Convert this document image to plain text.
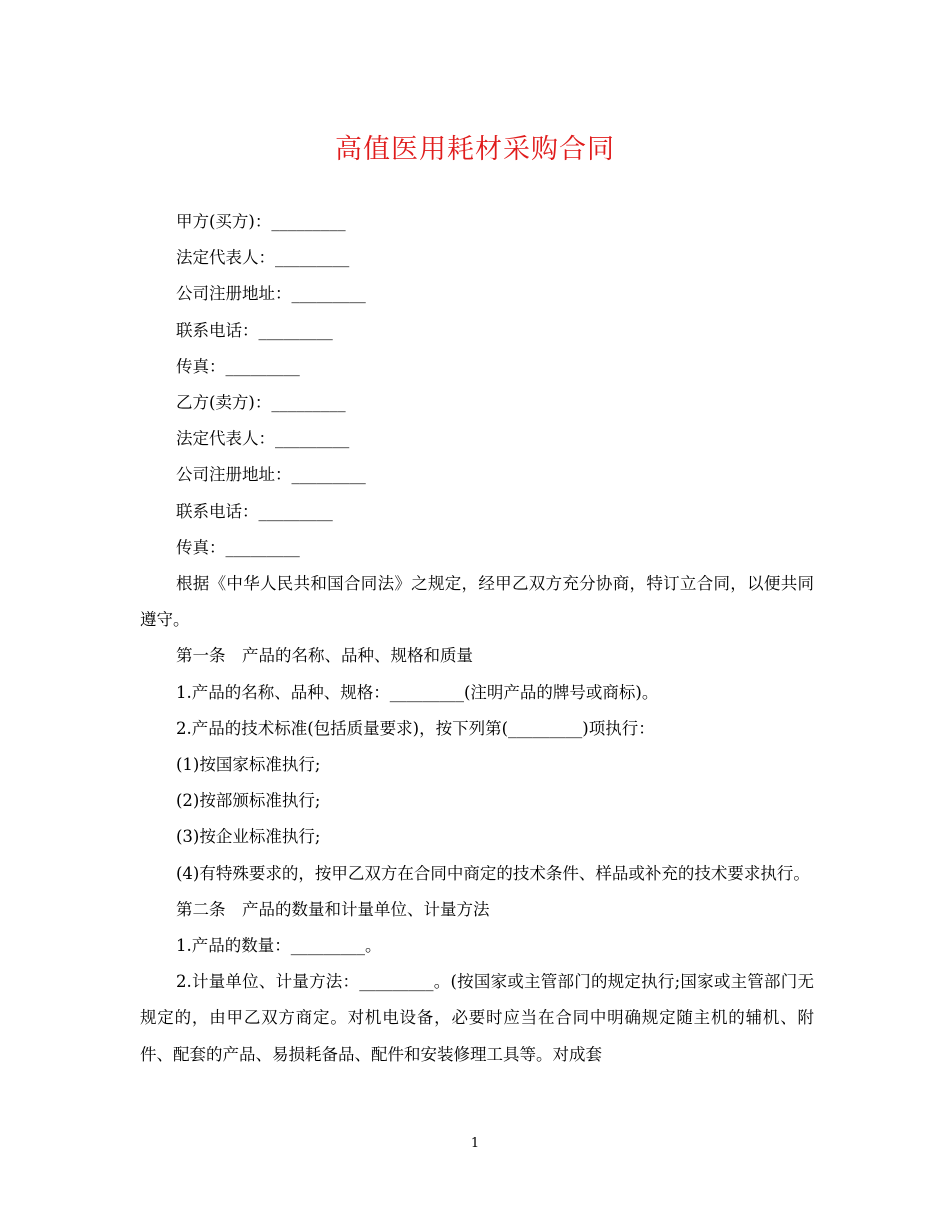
高值医用耗材采购合同

甲方(买方)：_________

法定代表人：_________

公司注册地址：_________

联系电话：_________

传真：_________

乙方(卖方)：_________

法定代表人：_________

公司注册地址：_________

联系电话：_________

传真：_________

根据《中华人民共和国合同法》之规定，经甲乙双方充分协商，特订立合同，以便共同遵守。

第一条　产品的名称、品种、规格和质量

1.产品的名称、品种、规格：_________(注明产品的牌号或商标)。

2.产品的技术标准(包括质量要求)，按下列第(_________)项执行：

(1)按国家标准执行;

(2)按部颁标准执行;

(3)按企业标准执行;

(4)有特殊要求的，按甲乙双方在合同中商定的技术条件、样品或补充的技术要求执行。

第二条　产品的数量和计量单位、计量方法

1.产品的数量：_________。

2.计量单位、计量方法：_________。(按国家或主管部门的规定执行;国家或主管部门无规定的，由甲乙双方商定。对机电设备，必要时应当在合同中明确规定随主机的辅机、附件、配套的产品、易损耗备品、配件和安装修理工具等。对成套

1
